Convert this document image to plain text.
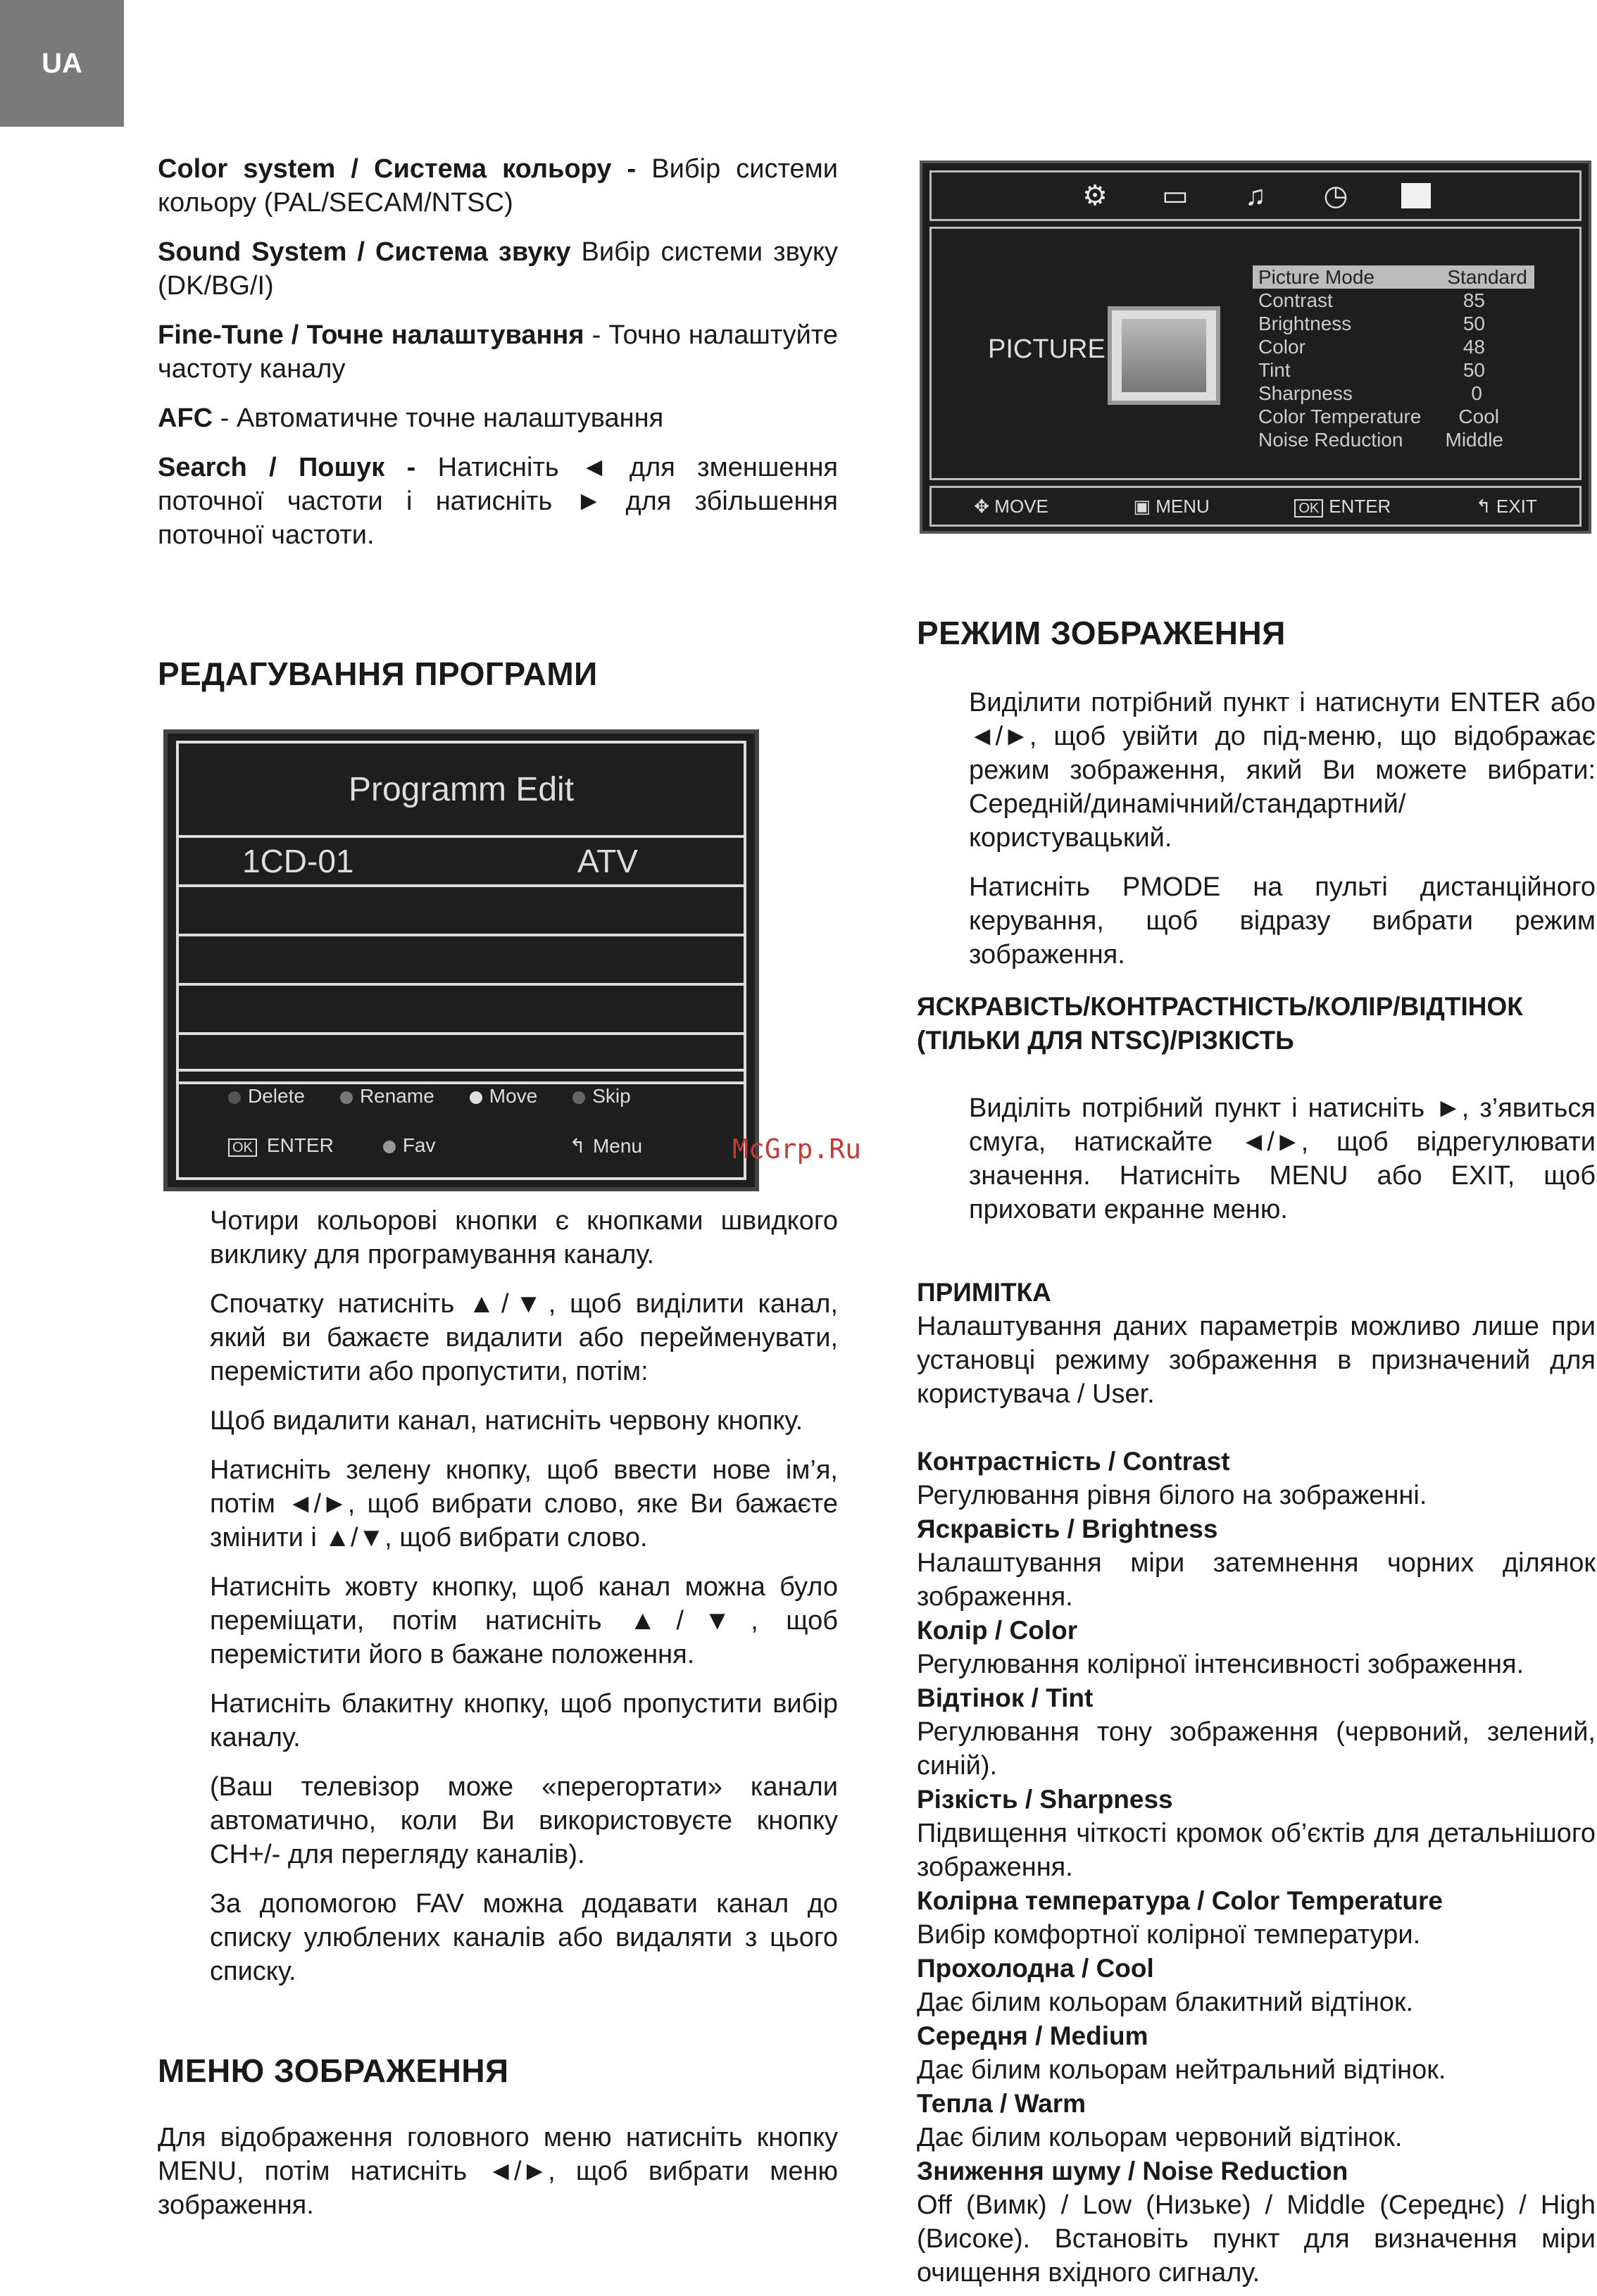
UA

Color system / Система кольору - Вибір системи кольору (PAL/SECAM/NTSC)

Sound System / Система звуку Вибір системи звуку (DK/BG/I)

Fine-Tune / Точне налаштування - Точно налаштуйте частоту каналу

AFC - Автоматичне точне налаштування

Search / Пошук - Натисніть ◄ для зменшення поточної частоти і натисніть ► для збільшення поточної частоти.

РЕДАГУВАННЯ ПРОГРАМИ
Programm Edit
1CD-01	ATV
Delete	Rename	Move	Skip
OK ENTER	Fav	↰ Menu	McGrp.Ru

Чотири кольорові кнопки є кнопками швидкого виклику для програмування каналу.

Спочатку натисніть ▲/▼, щоб виділити канал, який ви бажаєте видалити або перейменувати, перемістити або пропустити, потім:

Щоб видалити канал, натисніть червону кнопку.

Натисніть зелену кнопку, щоб ввести нове ім’я, потім ◄/►, щоб вибрати слово, яке Ви бажаєте змінити і ▲/▼, щоб вибрати слово.

Натисніть жовту кнопку, щоб канал можна було переміщати, потім натисніть ▲/▼, щоб перемістити його в бажане положення.

Натисніть блакитну кнопку, щоб пропустити вибір каналу.

(Ваш телевізор може «перегортати» канали автоматично, коли Ви використовуєте кнопку CH+/- для перегляду каналів).

За допомогою FAV можна додавати канал до списку улюблених каналів або видаляти з цього списку.

МЕНЮ ЗОБРАЖЕННЯ

Для відображення головного меню натисніть кнопку MENU, потім натисніть ◄/►, щоб вибрати меню зображення.

⚙ ▭ ♫ ◷
PICTURE
Picture Mode	Standard
Contrast	85
Brightness	50
Color	48
Tint	50
Sharpness	0
Color Temperature Cool
Noise Reduction Middle
✥ MOVE	▣ MENU	OK ENTER	↰ EXIT
РЕЖИМ ЗОБРАЖЕННЯ

Виділити потрібний пункт і натиснути ENTER або ◄/►, щоб увійти до під-меню, що відображає режим зображення, який Ви можете вибрати: Середній/динамічний/стандартний/користувацький.

Натисніть PMODE на пульті дистанційного керування, щоб відразу вибрати режим зображення.

ЯСКРАВІСТЬ/КОНТРАСТНІСТЬ/КОЛІР/ВІДТІНОК (ТІЛЬКИ ДЛЯ NTSC)/РІЗКІСТЬ

Виділіть потрібний пункт і натисніть ►, з’явиться смуга, натискайте ◄/►, щоб відрегулювати значення. Натисніть MENU або EXIT, щоб приховати екранне меню.

ПРИМІТКА

Налаштування даних параметрів можливо лише при установці режиму зображення в призначений для користувача / User.

Контрастність / Contrast

Регулювання рівня білого на зображенні.

Яскравість / Brightness

Налаштування міри затемнення чорних ділянок зображення.

Колір / Color

Регулювання колірної інтенсивності зображення.

Відтінок / Tint

Регулювання тону зображення (червоний, зелений, синій).

Різкість / Sharpness

Підвищення чіткості кромок об’єктів для детальнішого зображення.

Колірна температура / Color Temperature

Вибір комфортної колірної температури.

Прохолодна / Cool

Дає білим кольорам блакитний відтінок.

Середня / Medium

Дає білим кольорам нейтральний відтінок.

Тепла / Warm

Дає білим кольорам червоний відтінок.

Зниження шуму / Noise Reduction

Off (Вимк) / Low (Низьке) / Middle (Середнє) / High (Високе). Встановіть пункт для визначення міри очищення вхідного сигналу.
